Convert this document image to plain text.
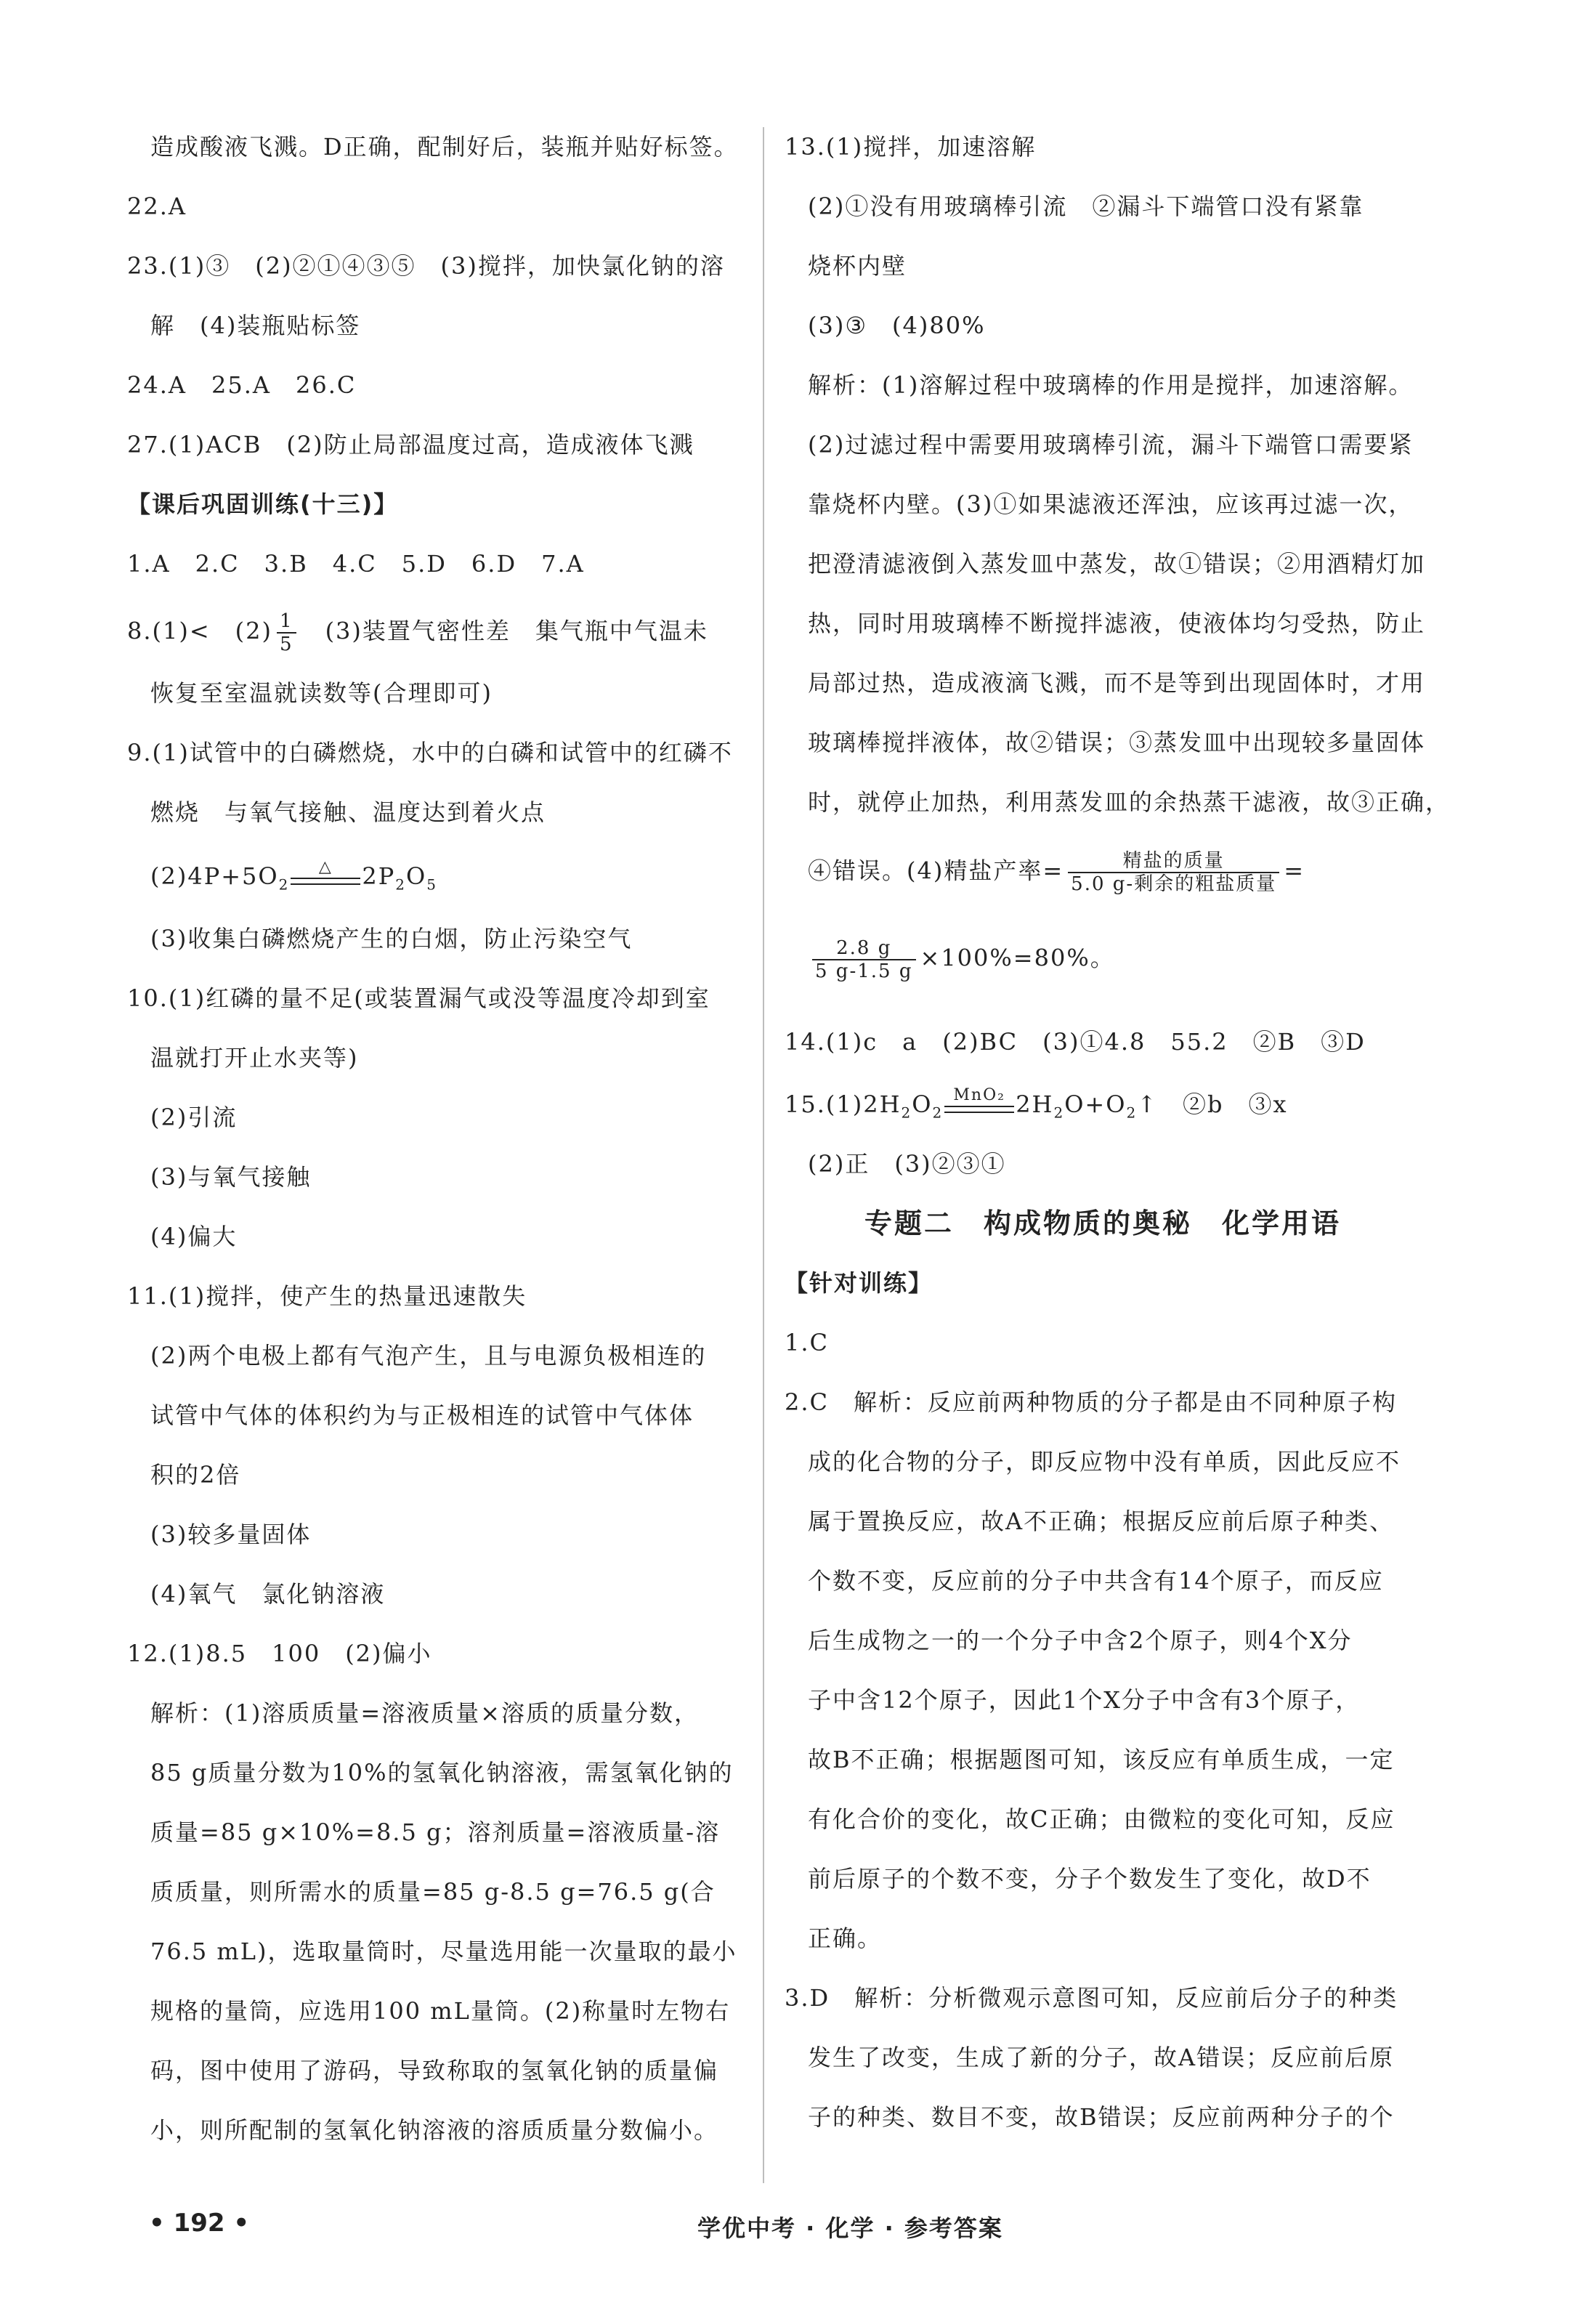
造成酸液飞溅。D正确，配制好后，装瓶并贴好标签。
22.A
23.(1)③　(2)②①④③⑤　(3)搅拌，加快氯化钠的溶
解　(4)装瓶贴标签
24.A　25.A　26.C
27.(1)ACB　(2)防止局部温度过高，造成液体飞溅
【课后巩固训练(十三)】
1.A　2.C　3.B　4.C　5.D　6.D　7.A
8.(1)<　$(2) \frac{1}{5}$ 　(3)装置气密性差　集气瓶中气温未
恢复至室温就读数等(合理即可)
9.(1)试管中的白磷燃烧，水中的白磷和试管中的红磷不
燃烧　与氧气接触、温度达到着火点
$(2)4P+5O_2$
△	$2P_2O_5$
(3)收集白磷燃烧产生的白烟，防止污染空气
10.(1)红磷的量不足(或装置漏气或没等温度冷却到室
温就打开止水夹等)
(2)引流
(3)与氧气接触
(4)偏大
11.(1)搅拌，使产生的热量迅速散失
(2)两个电极上都有气泡产生，且与电源负极相连的
试管中气体的体积约为与正极相连的试管中气体体
积的2倍
(3)较多量固体
(4)氧气　氯化钠溶液
12.(1)8.5　100　(2)偏小
解析：(1)溶质质量=溶液质量×溶质的质量分数，
85 g质量分数为10%的氢氧化钠溶液，需氢氧化钠的
质量=85 g×10%=8.5 g；溶剂质量=溶液质量-溶
质质量，则所需水的质量=85 g-8.5 g=76.5 g(合
76.5 mL)，选取量筒时，尽量选用能一次量取的最小
规格的量筒，应选用100 mL量筒。(2)称量时左物右
码，图中使用了游码，导致称取的氢氧化钠的质量偏
小，则所配制的氢氧化钠溶液的溶质质量分数偏小。
13.(1)搅拌，加速溶解
(2)①没有用玻璃棒引流　②漏斗下端管口没有紧靠
烧杯内壁
(3)③　(4)80%
解析：(1)溶解过程中玻璃棒的作用是搅拌，加速溶解。
(2)过滤过程中需要用玻璃棒引流，漏斗下端管口需要紧
靠烧杯内壁。(3)①如果滤液还浑浊，应该再过滤一次，
把澄清滤液倒入蒸发皿中蒸发，故①错误；②用酒精灯加
热，同时用玻璃棒不断搅拌滤液，使液体均匀受热，防止
局部过热，造成液滴飞溅，而不是等到出现固体时，才用
玻璃棒搅拌液体，故②错误；③蒸发皿中出现较多量固体
时，就停止加热，利用蒸发皿的余热蒸干滤液，故③正确，
④错误。(4)精盐产率= $\frac{\text{精盐的质量}}{\text{5.0 g-剩余的粗盐质量}}$ =
$\frac{2.8 g}{5 g-1.5 g} \times 100\%=80\%$。
14.(1)c　a　(2)BC　(3)①4.8　55.2　②B　③D
$15.(1)2H_2O_2$
MnO₂ $2H_2O+O_2↑$　②b　③x
(2)正　(3)②③①
专题二　构成物质的奥秘　化学用语
【针对训练】
1.C
2.C　解析：反应前两种物质的分子都是由不同种原子构
成的化合物的分子，即反应物中没有单质，因此反应不
属于置换反应，故A不正确；根据反应前后原子种类、
个数不变，反应前的分子中共含有14个原子，而反应
后生成物之一的一个分子中含2个原子，则4个X分
子中含12个原子，因此1个X分子中含有3个原子，
故B不正确；根据题图可知，该反应有单质生成，一定
有化合价的变化，故C正确；由微粒的变化可知，反应
前后原子的个数不变，分子个数发生了变化，故D不
正确。
3.D　解析：分析微观示意图可知，反应前后分子的种类
发生了改变，生成了新的分子，故A错误；反应前后原
子的种类、数目不变，故B错误；反应前两种分子的个
• 192 •	学优中考 · 化学 · 参考答案
